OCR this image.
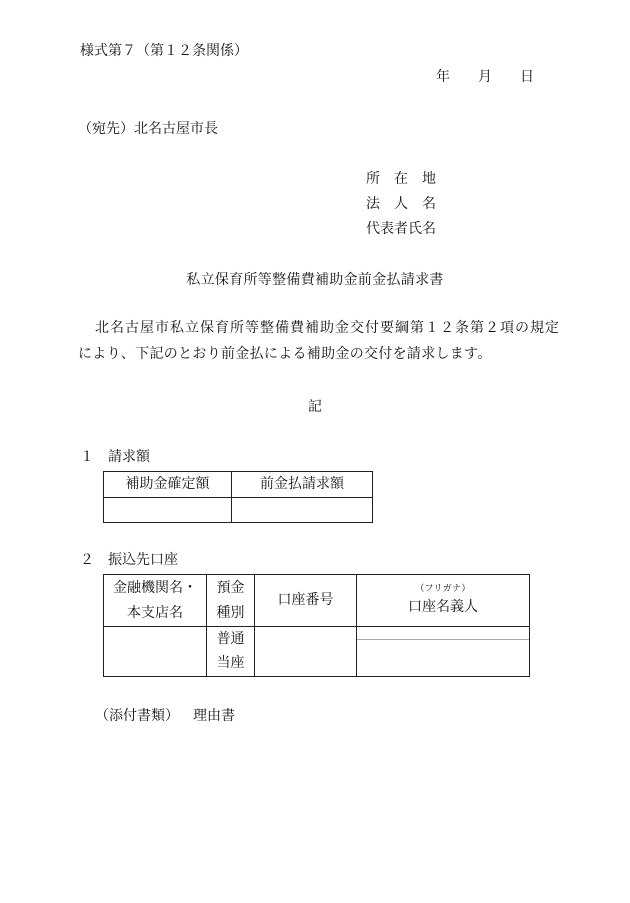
様式第７（第１２条関係）
年　　月　　日
（宛先）北名古屋市長
所　在　地
法　人　名
代表者氏名
私立保育所等整備費補助金前金払請求書
北名古屋市私立保育所等整備費補助金交付要綱第１２条第２項の規定
により、下記のとおり前金払による補助金の交付を請求します。
記
１　請求額
補助金確定額	前金払請求額
２　振込先口座
金融機関名・
本支店名
預金
種別
口座番号
（フリガナ）
口座名義人
普通
当座
（添付書類） 理由書
